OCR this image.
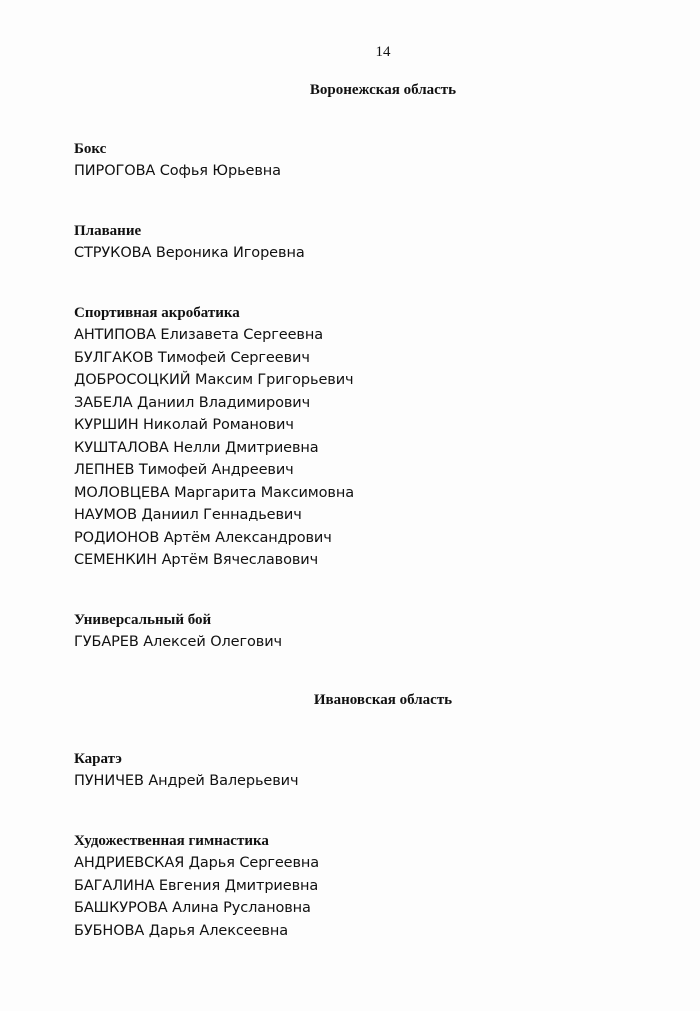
14
Воронежская область
Бокс
ПИРОГОВА Софья Юрьевна
Плавание
СТРУКОВА Вероника Игоревна
Спортивная акробатика
АНТИПОВА Елизавета Сергеевна
БУЛГАКОВ Тимофей Сергеевич
ДОБРОСОЦКИЙ Максим Григорьевич
ЗАБЕЛА Даниил Владимирович
КУРШИН Николай Романович
КУШТАЛОВА Нелли Дмитриевна
ЛЕПНЕВ Тимофей Андреевич
МОЛОВЦЕВА Маргарита Максимовна
НАУМОВ Даниил Геннадьевич
РОДИОНОВ Артём Александрович
СЕМЕНКИН Артём Вячеславович
Универсальный бой
ГУБАРЕВ Алексей Олегович
Ивановская область
Каратэ
ПУНИЧЕВ Андрей Валерьевич
Художественная гимнастика
АНДРИЕВСКАЯ Дарья Сергеевна
БАГАЛИНА Евгения Дмитриевна
БАШКУРОВА Алина Руслановна
БУБНОВА Дарья Алексеевна
